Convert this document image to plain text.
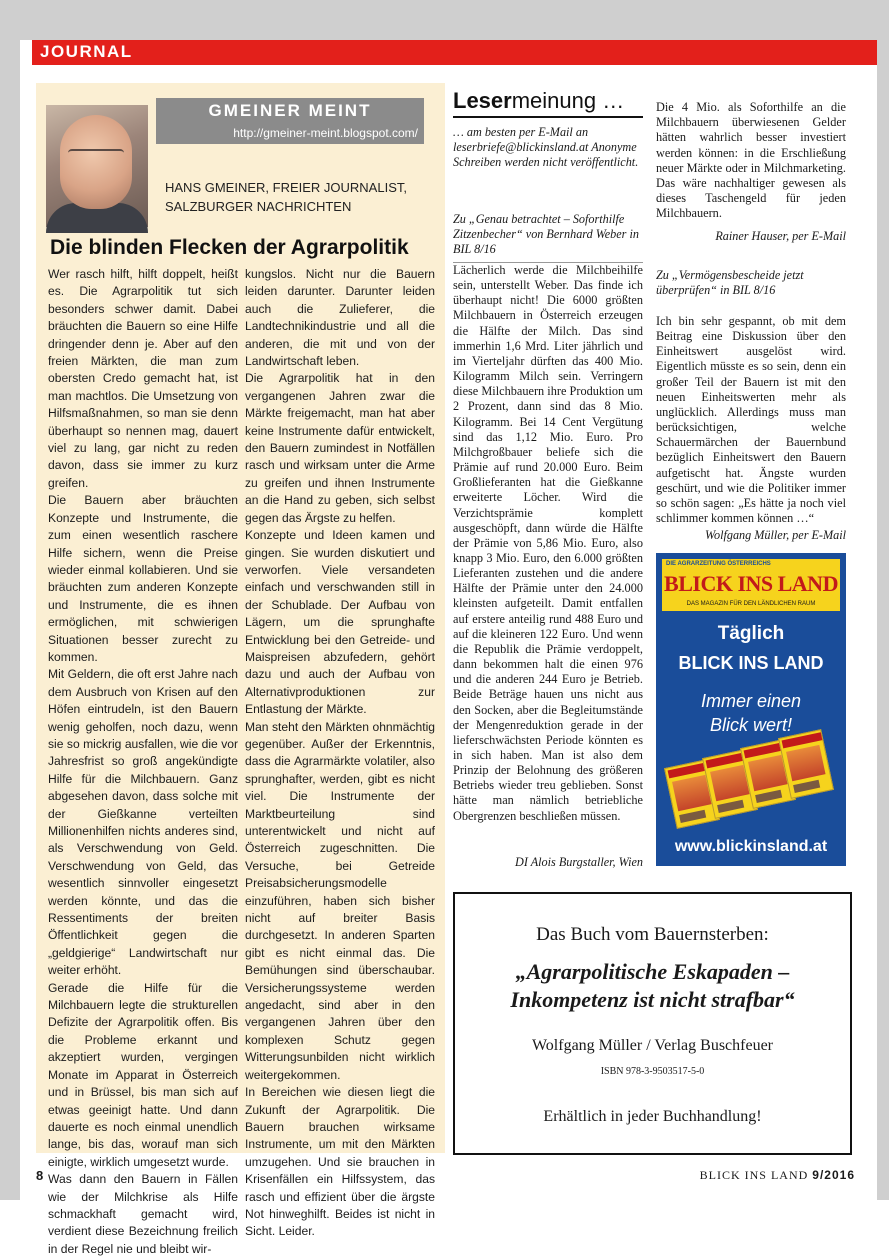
JOURNAL
GMEINER MEINT
http://gmeiner-meint.blogspot.com/
HANS GMEINER, FREIER JOURNALIST,
SALZBURGER NACHRICHTEN
Die blinden Flecken der Agrarpolitik

Wer rasch hilft, hilft doppelt, heißt es. Die Agrarpolitik tut sich besonders schwer damit. Dabei bräuchten die Bauern so eine Hilfe dringender denn je. Aber auf den freien Märkten, die man zum obersten Credo gemacht hat, ist man machtlos. Die Umsetzung von Hilfsmaßnahmen, so man sie denn überhaupt so nennen mag, dauert viel zu lang, gar nicht zu reden davon, dass sie immer zu kurz greifen.

Die Bauern aber bräuchten Konzepte und Instrumente, die zum einen wesentlich raschere Hilfe sichern, wenn die Preise wieder einmal kollabieren. Und sie bräuchten zum anderen Konzepte und Instrumente, die es ihnen ermöglichen, mit schwierigen Situationen besser zurecht zu kommen.

Mit Geldern, die oft erst Jahre nach dem Ausbruch von Krisen auf den Höfen eintrudeln, ist den Bauern wenig geholfen, noch dazu, wenn sie so mickrig ausfallen, wie die vor Jahresfrist so groß angekündigte Hilfe für die Milchbauern. Ganz abgesehen davon, dass solche mit der Gießkanne verteilten Millionenhilfen nichts anderes sind, als Verschwendung von Geld. Verschwendung von Geld, das wesentlich sinnvoller eingesetzt werden könnte, und das die Ressentiments der breiten Öffentlichkeit gegen die „geldgierige“ Landwirtschaft nur weiter erhöht.

Gerade die Hilfe für die Milchbauern legte die strukturellen Defizite der Agrarpolitik offen. Bis die Probleme erkannt und akzeptiert wurden, vergingen Monate im Apparat in Österreich und in Brüssel, bis man sich auf etwas geeinigt hatte. Und dann dauerte es noch einmal unendlich lange, bis das, worauf man sich einigte, wirklich umgesetzt wurde.

Was dann den Bauern in Fällen wie der Milchkrise als Hilfe schmackhaft gemacht wird, verdient diese Bezeichnung freilich in der Regel nie und bleibt wir-

kungslos. Nicht nur die Bauern leiden darunter. Darunter leiden auch die Zulieferer, die Landtechnikindustrie und all die anderen, die mit und von der Landwirtschaft leben.

Die Agrarpolitik hat in den vergangenen Jahren zwar die Märkte freigemacht, man hat aber keine Instrumente dafür entwickelt, den Bauern zumindest in Notfällen rasch und wirksam unter die Arme zu greifen und ihnen Instrumente an die Hand zu geben, sich selbst gegen das Ärgste zu helfen.

Konzepte und Ideen kamen und gingen. Sie wurden diskutiert und verworfen. Viele versandeten einfach und verschwanden still in der Schublade. Der Aufbau von Lägern, um die sprunghafte Entwicklung bei den Getreide- und Maispreisen abzufedern, gehört dazu und auch der Aufbau von Alternativproduktionen zur Entlastung der Märkte.

Man steht den Märkten ohnmächtig gegenüber. Außer der Erkenntnis, dass die Agrarmärkte volatiler, also sprunghafter, werden, gibt es nicht viel. Die Instrumente der Marktbeurteilung sind unterentwickelt und nicht auf Österreich zugeschnitten. Die Versuche, bei Getreide Preisabsicherungsmodelle einzuführen, haben sich bisher nicht auf breiter Basis durchgesetzt. In anderen Sparten gibt es nicht einmal das. Die Bemühungen sind überschaubar. Versicherungssysteme werden angedacht, sind aber in den vergangenen Jahren über den komplexen Schutz gegen Witterungsunbilden nicht wirklich weitergekommen.

In Bereichen wie diesen liegt die Zukunft der Agrarpolitik. Die Bauern brauchen wirksame Instrumente, um mit den Märkten umzugehen. Und sie brauchen in Krisenfällen ein Hilfssystem, das rasch und effizient über die ärgste Not hinweghilft. Beides ist nicht in Sicht. Leider.

Lesermeinung …
… am besten per E-Mail an leserbriefe@blickinsland.at Anonyme Schreiben werden nicht veröffentlicht.
Zu „Genau betrachtet – Soforthilfe Zitzenbecher“ von Bernhard Weber in BIL 8/16
Lächerlich werde die Milchbeihilfe sein, unterstellt Weber. Das finde ich überhaupt nicht! Die 6000 größten Milchbauern in Österreich erzeugen die Hälfte der Milch. Das sind immerhin 1,6 Mrd. Liter jährlich und im Vierteljahr dürften das 400 Mio. Kilogramm Milch sein. Verringern diese Milchbauern ihre Produktion um 2 Prozent, dann sind das 8 Mio. Kilogramm. Bei 14 Cent Vergütung sind das 1,12 Mio. Euro. Pro Milchgroßbauer beliefe sich die Prämie auf rund 20.000 Euro. Beim Großlieferanten hat die Gießkanne erweiterte Löcher. Wird die Verzichtsprämie komplett ausgeschöpft, dann würde die Hälfte der Prämie von 5,86 Mio. Euro, also knapp 3 Mio. Euro, den 6.000 größten Lieferanten zustehen und die andere Hälfte der Prämie unter den 24.000 kleinsten aufgeteilt. Damit entfallen auf erstere anteilig rund 488 Euro und auf die kleineren 122 Euro. Und wenn die Republik die Prämie verdoppelt, dann bekommen halt die einen 976 und die anderen 244 Euro je Betrieb. Beide Beträge hauen uns nicht aus den Socken, aber die Begleitumstände der Mengenreduktion gerade in der lieferschwächsten Periode könnten es in sich haben. Man ist also dem Prinzip der Belohnung des größeren Betriebs wieder treu geblieben. Sonst hätte man nämlich betriebliche Obergrenzen beschließen müssen.
DI Alois Burgstaller, Wien
Die 4 Mio. als Soforthilfe an die Milchbauern überwiesenen Gelder hätten wahrlich besser investiert werden können: in die Erschließung neuer Märkte oder in Milchmarketing. Das wäre nachhaltiger gewesen als dieses Taschengeld für jeden Milchbauern.
Rainer Hauser, per E-Mail
Zu „Vermögensbescheide jetzt überprüfen“ in BIL 8/16
Ich bin sehr gespannt, ob mit dem Beitrag eine Diskussion über den Einheitswert ausgelöst wird. Eigentlich müsste es so sein, denn ein großer Teil der Bauern ist mit den neuen Einheitswerten mehr als unglücklich. Allerdings muss man berücksichtigen, welche Schauermärchen der Bauernbund bezüglich Einheitswert den Bauern aufgetischt hat. Ängste wurden geschürt, und wie die Politiker immer so schön sagen: „Es hätte ja noch viel schlimmer kommen können …“
Wolfgang Müller, per E-Mail
DIE AGRARZEITUNG ÖSTERREICHS
BLICK INS LAND
DAS MAGAZIN FÜR DEN LÄNDLICHEN RAUM
Täglich
BLICK INS LAND
Immer einen
Blick wert!
www.blickinsland.at
Das Buch vom Bauernsterben:
„Agrarpolitische Eskapaden –
Inkompetenz ist nicht strafbar“
Wolfgang Müller / Verlag Buschfeuer
ISBN 978-3-9503517-5-0
Erhältlich in jeder Buchhandlung!
8	BLICK INS LAND 9/2016
